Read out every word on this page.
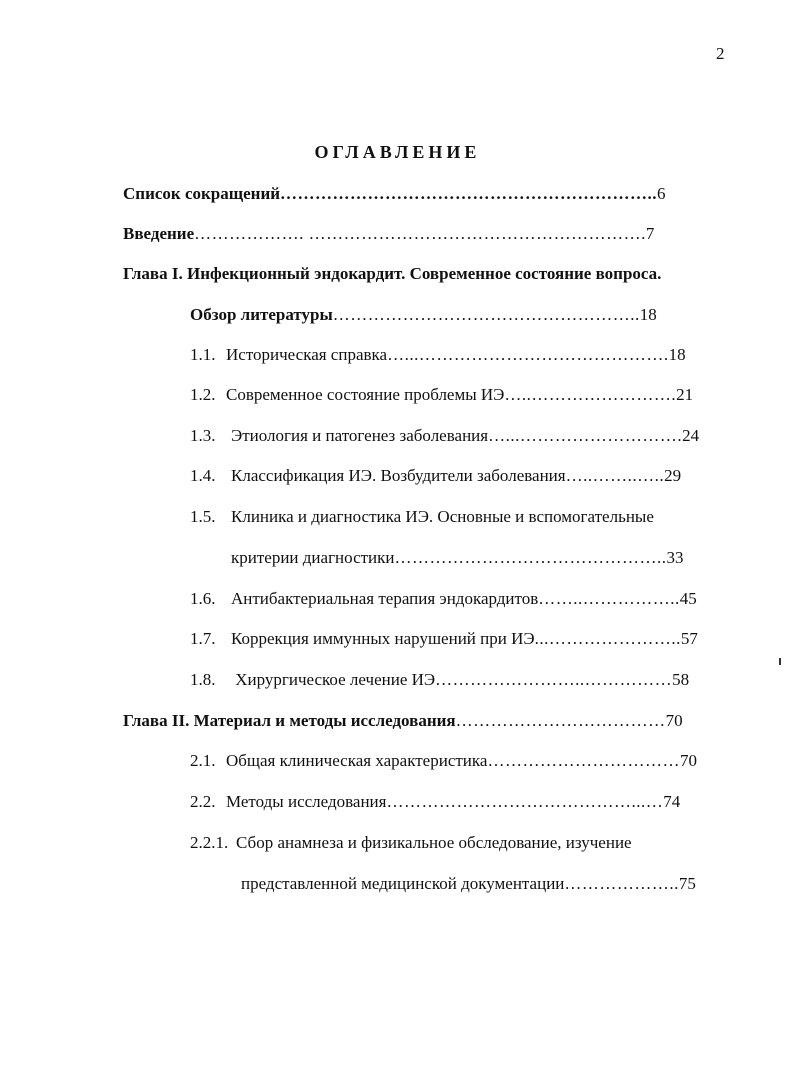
2
ОГЛАВЛЕНИЕ
Список сокращений………………………………………………………..6
Введение………………. ………………………………………………….7
Глава I. Инфекционный эндокардит. Современное состояние вопроса.
Обзор литературы……………………………………………..18
1.1. Историческая справка…...…………………………………….18
1.2. Современное состояние проблемы ИЭ…..…………………….21
1.3. Этиология и патогенез заболевания…...……………………….24
1.4. Классификация ИЭ. Возбудители заболевания…..……..…..29
1.5. Клиника и диагностика ИЭ. Основные и вспомогательные
критерии диагностики………………………………………..33
1.6. Антибактериальная терапия эндокардитов……..……………..45
1.7. Коррекция иммунных нарушений при ИЭ...…………………..57
1.8. Хирургическое лечение ИЭ……………………..……………58
Глава II. Материал и методы исследования………………………………70
2.1. Общая клиническая характеристика……………………………70
2.2. Методы исследования……………………………………...…74
2.2.1. Сбор анамнеза и физикальное обследование, изучение
представленной медицинской документации………………..75
